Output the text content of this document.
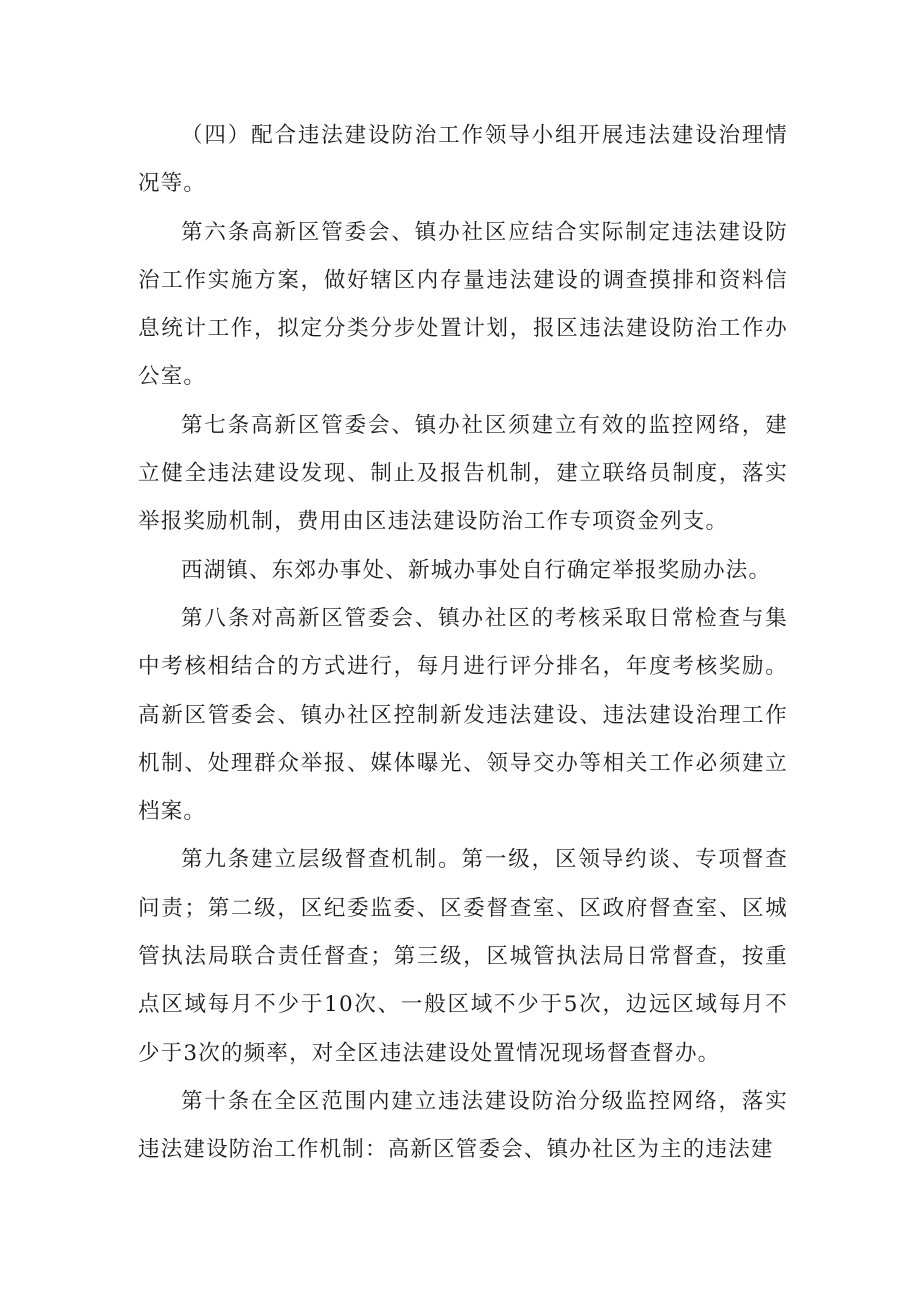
（四）配合违法建设防治工作领导小组开展违法建设治理情况等。

第六条高新区管委会、镇办社区应结合实际制定违法建设防治工作实施方案，做好辖区内存量违法建设的调查摸排和资料信息统计工作，拟定分类分步处置计划，报区违法建设防治工作办公室。

第七条高新区管委会、镇办社区须建立有效的监控网络，建立健全违法建设发现、制止及报告机制，建立联络员制度，落实举报奖励机制，费用由区违法建设防治工作专项资金列支。

西湖镇、东郊办事处、新城办事处自行确定举报奖励办法。

第八条对高新区管委会、镇办社区的考核采取日常检查与集中考核相结合的方式进行，每月进行评分排名，年度考核奖励。高新区管委会、镇办社区控制新发违法建设、违法建设治理工作机制、处理群众举报、媒体曝光、领导交办等相关工作必须建立档案。

第九条建立层级督查机制。第一级，区领导约谈、专项督查问责；第二级，区纪委监委、区委督查室、区政府督查室、区城管执法局联合责任督查；第三级，区城管执法局日常督查，按重点区域每月不少于10次、一般区域不少于5次，边远区域每月不少于3次的频率，对全区违法建设处置情况现场督查督办。

第十条在全区范围内建立违法建设防治分级监控网络，落实违法建设防治工作机制：高新区管委会、镇办社区为主的违法建
